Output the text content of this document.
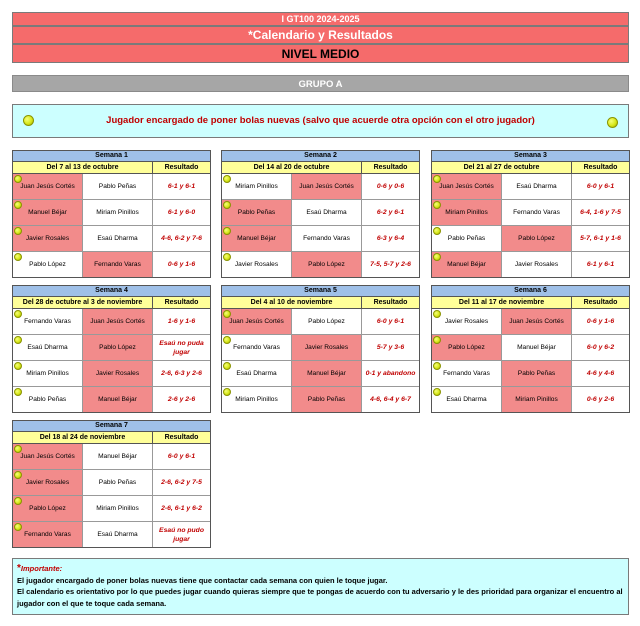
I GT100 2024-2025
*Calendario y Resultados
NIVEL MEDIO
GRUPO A
Jugador encargado de poner bolas nuevas (salvo que acuerde otra opción con el otro jugador)
Semana 1
Del 7 al 13 de octubre	Resultado
Juan Jesús Cortés	Pablo Peñas	6-1 y 6-1
Manuel Béjar	Miriam Pinillos	6-1 y 6-0
Javier Rosales	Esaú Dharma	4-6, 6-2 y 7-6
Pablo López	Fernando Varas	0-6 y 1-6
Semana 2
Del 14 al 20 de octubre	Resultado
Miriam Pinillos	Juan Jesús Cortés	0-6 y 0-6
Pablo Peñas	Esaú Dharma	6-2 y 6-1
Manuel Béjar	Fernando Varas	6-3 y 6-4
Javier Rosales	Pablo López	7-5, 5-7 y 2-6
Semana 3
Del 21 al 27 de octubre	Resultado
Juan Jesús Cortés	Esaú Dharma	6-0 y 6-1
Miriam Pinillos	Fernando Varas	6-4, 1-6 y 7-5
Pablo Peñas	Pablo López	5-7, 6-1 y 1-6
Manuel Béjar	Javier Rosales	6-1 y 6-1
Semana 4
Del 28 de octubre al 3 de noviembre	Resultado
Fernando Varas	Juan Jesús Cortés	1-6 y 1-6
Esaú Dharma	Pablo López
Esaú no puda jugar
Miriam Pinillos	Javier Rosales	2-6, 6-3 y 2-6
Pablo Peñas	Manuel Béjar	2-6 y 2-6
Semana 5
Del 4 al 10 de noviembre	Resultado
Juan Jesús Cortés	Pablo López	6-0 y 6-1
Fernando Varas	Javier Rosales	5-7 y 3-6
Esaú Dharma	Manuel Béjar	0-1 y abandono
Miriam Pinillos	Pablo Peñas	4-6, 6-4 y 6-7
Semana 6
Del 11 al 17 de noviembre	Resultado
Javier Rosales	Juan Jesús Cortés	0-6 y 1-6
Pablo López	Manuel Béjar	6-0 y 6-2
Fernando Varas	Pablo Peñas	4-6 y 4-6
Esaú Dharma	Miriam Pinillos	0-6 y 2-6
Semana 7
Del 18 al 24 de noviembre	Resultado
Juan Jesús Cortés	Manuel Béjar	6-0 y 6-1
Javier Rosales	Pablo Peñas	2-6, 6-2 y 7-5
Pablo López	Miriam Pinillos	2-6, 6-1 y 6-2
Fernando Varas	Esaú Dharma
Esaú no pudo jugar
*Importante:
El jugador encargado de poner bolas nuevas tiene que contactar cada semana con quien le toque jugar.
El calendario es orientativo por lo que puedes jugar cuando quieras siempre que te pongas de acuerdo con tu adversario y le des prioridad para organizar el encuentro al jugador con el que te toque cada semana.
